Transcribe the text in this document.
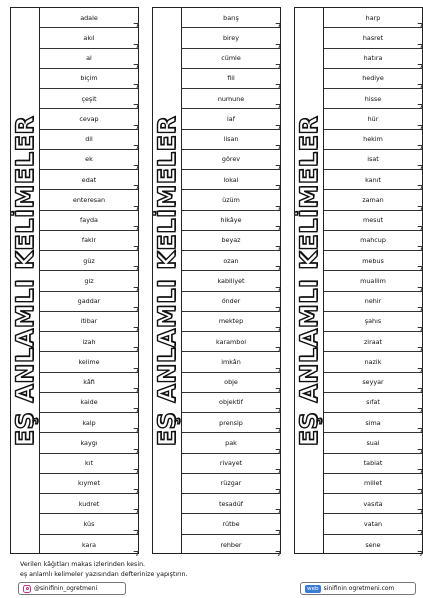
EŞ ANLAMLI KELİMELER
adale
akıl
al
biçim
çeşit
cevap
dil
ek
edat
enteresan
fayda
fakir
güz
giz
gaddar
itibar
izah
kelime
kâfi
kaide
kalp
kaygı
kıt
kıymet
kudret
küs
kara
EŞ ANLAMLI KELİMELER
barış
birey
cümle
fiil
numune
laf
lisan
görev
lokal
üzüm
hikâye
beyaz
ozan
kabiliyet
önder
mektep
karambol
imkân
obje
objektif
prensip
pak
rivayet
rüzgar
tesadüf
rütbe
rehber
EŞ ANLAMLI KELİMELER
harp
hasret
hatıra
hediye
hisse
hür
hekim
isat
kanıt
zaman
mesut
mahcup
mebus
muallim
nehir
şahıs
ziraat
nazik
seyyar
sıfat
sima
sual
tabiat
millet
vasıta
vatan
sene
Verilen kâğıtları makas izlerinden kesin.
eş anlamlı kelimeler yazısından defterinize yapıştırın.
@sinifinin_ogretmeni	web sinifinin ogretmeni.com
